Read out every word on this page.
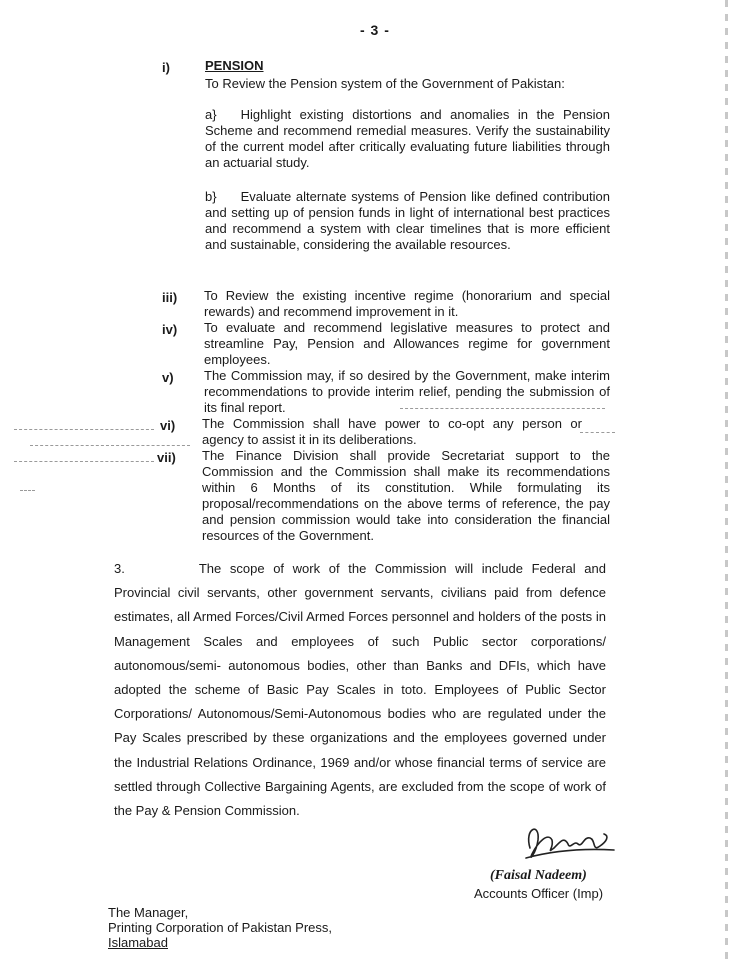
- 3 -
i)	PENSION
To Review the Pension system of the Government of Pakistan:
a} Highlight existing distortions and anomalies in the Pension Scheme and recommend remedial measures. Verify the sustainability of the current model after critically evaluating future liabilities through an actuarial study.
b} Evaluate alternate systems of Pension like defined contribution and setting up of pension funds in light of international best practices and recommend a system with clear timelines that is more efficient and sustainable, considering the available resources.
iii) To Review the existing incentive regime (honorarium and special rewards) and recommend improvement in it.
iv) To evaluate and recommend legislative measures to protect and streamline Pay, Pension and Allowances regime for government employees.
v) The Commission may, if so desired by the Government, make interim recommendations to provide interim relief, pending the submission of its final report.
vi) The Commission shall have power to co-opt any person or agency to assist it in its deliberations.
vii) The Finance Division shall provide Secretariat support to the Commission and the Commission shall make its recommendations within 6 Months of its constitution. While formulating its proposal/recommendations on the above terms of reference, the pay and pension commission would take into consideration the financial resources of the Government.
3.	The scope of work of the Commission will include Federal and Provincial civil servants, other government servants, civilians paid from defence estimates, all Armed Forces/Civil Armed Forces personnel and holders of the posts in Management Scales and employees of such Public sector corporations/ autonomous/semi- autonomous bodies, other than Banks and DFIs, which have adopted the scheme of Basic Pay Scales in toto. Employees of Public Sector Corporations/ Autonomous/Semi-Autonomous bodies who are regulated under the Pay Scales prescribed by these organizations and the employees governed under the Industrial Relations Ordinance, 1969 and/or whose financial terms of service are settled through Collective Bargaining Agents, are excluded from the scope of work of the Pay & Pension Commission.
(Faisal Nadeem)
Accounts Officer (Imp)
The Manager,
Printing Corporation of Pakistan Press,
Islamabad
